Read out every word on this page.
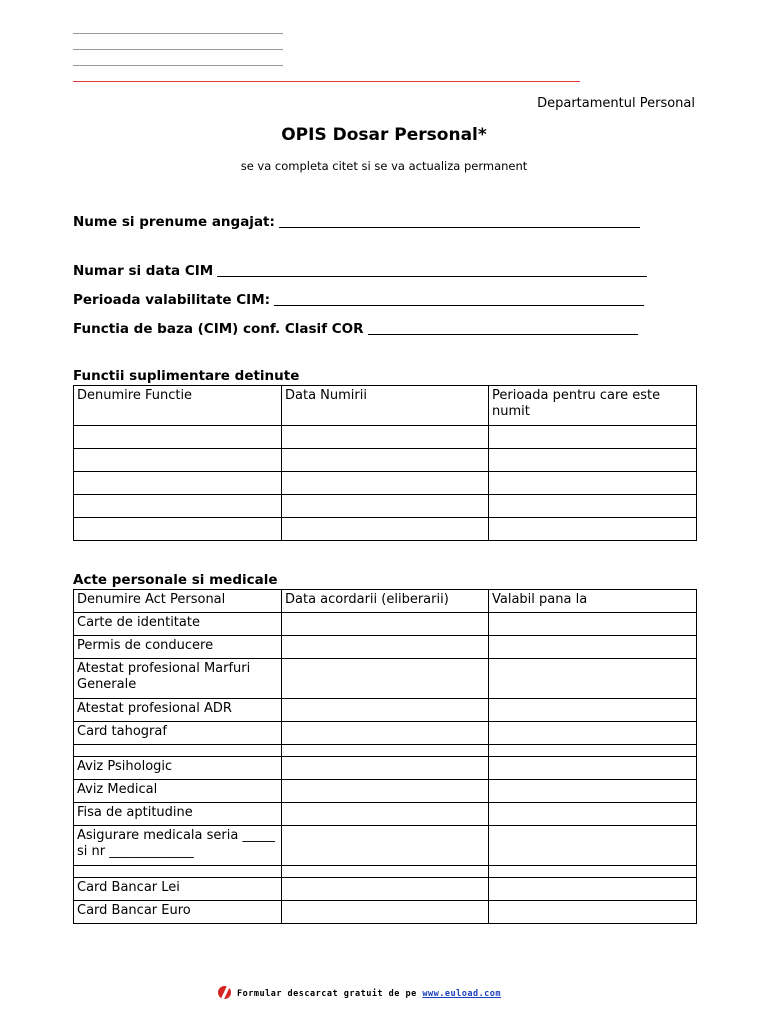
Departamentul Personal
OPIS Dosar Personal*
se va completa citet si se va actualiza permanent
Nume si prenume angajat:
Numar si data CIM
Perioada valabilitate CIM:
Functia de baza (CIM) conf. Clasif COR
Functii suplimentare detinute
Denumire Functie	Data Numirii	Perioada pentru care este numit

Acte personale si medicale
Denumire Act Personal	Data acordarii (eliberarii)	Valabil pana la
Carte de identitate		
Permis de conducere		
Atestat profesional Marfuri Generale		
Atestat profesional ADR		
Card tahograf		

Aviz Psihologic		
Aviz Medical		
Fisa de aptitudine		
Asigurare medicala seria _____ si nr _____________		

Card Bancar Lei		
Card Bancar Euro		
Formular descarcat gratuit de pe www.euload.com
